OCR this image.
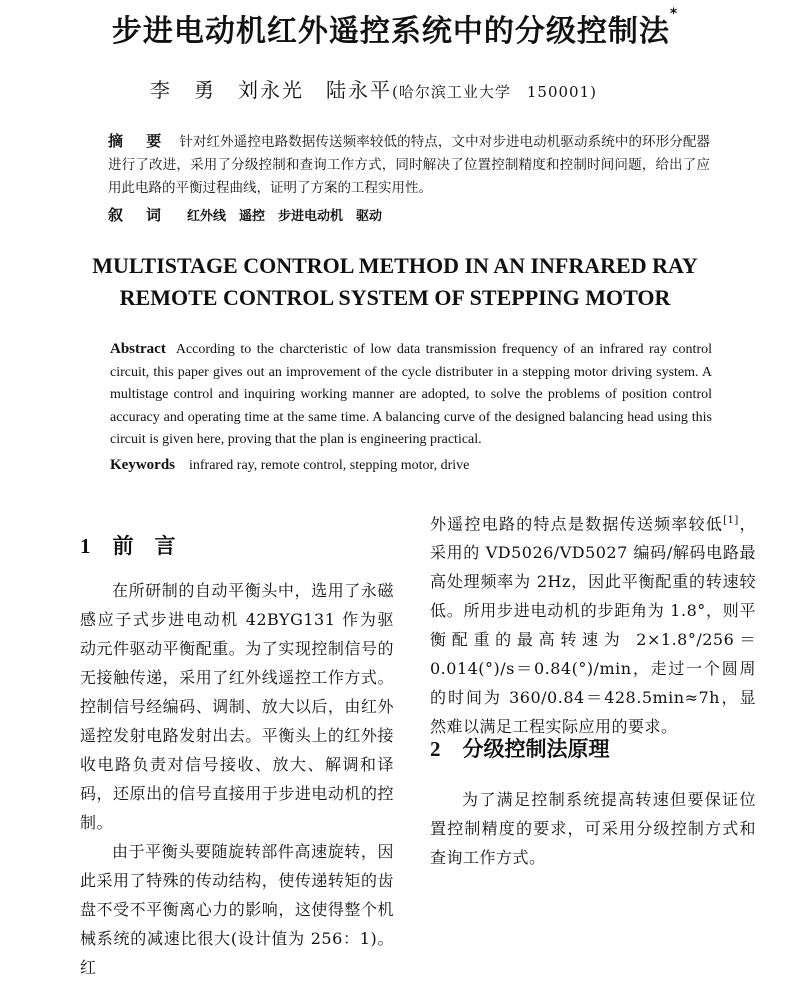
步进电动机红外遥控系统中的分级控制法*
李　勇　刘永光　陆永平(哈尔滨工业大学　150001)
摘　要 针对红外遥控电路数据传送频率较低的特点，文中对步进电动机驱动系统中的环形分配器进行了改进，采用了分级控制和查询工作方式，同时解决了位置控制精度和控制时间问题，给出了应用此电路的平衡过程曲线，证明了方案的工程实用性。
叙　词 红外线　遥控　步进电动机　驱动
MULTISTAGE CONTROL METHOD IN AN INFRARED RAY
REMOTE CONTROL SYSTEM OF STEPPING MOTOR
Abstract According to the charcteristic of low data transmission frequency of an infrared ray control circuit, this paper gives out an improvement of the cycle distributer in a stepping motor driving system. A multistage control and inquiring working manner are adopted, to solve the problems of position control accuracy and operating time at the same time. A balancing curve of the designed balancing head using this circuit is given here, proving that the plan is engineering practical.
Keywords infrared ray, remote control, stepping motor, drive
1 前　言

在所研制的自动平衡头中，选用了永磁感应子式步进电动机 42BYG131 作为驱动元件驱动平衡配重。为了实现控制信号的无接触传递，采用了红外线遥控工作方式。控制信号经编码、调制、放大以后，由红外遥控发射电路发射出去。平衡头上的红外接收电路负责对信号接收、放大、解调和译码，还原出的信号直接用于步进电动机的控制。

由于平衡头要随旋转部件高速旋转，因此采用了特殊的传动结构，使传递转矩的齿盘不受不平衡离心力的影响，这使得整个机械系统的减速比很大(设计值为 256：1)。红

外遥控电路的特点是数据传送频率较低[1]，采用的 VD5026/VD5027 编码/解码电路最高处理频率为 2Hz，因此平衡配重的转速较低。所用步进电动机的步距角为 1.8°，则平衡配重的最高转速为 2×1.8°/256＝0.014(°)/s＝0.84(°)/min，走过一个圆周的时间为 360/0.84＝428.5min≈7h，显然难以满足工程实际应用的要求。

2 分级控制法原理

为了满足控制系统提高转速但要保证位置控制精度的要求，可采用分级控制方式和查询工作方式。
